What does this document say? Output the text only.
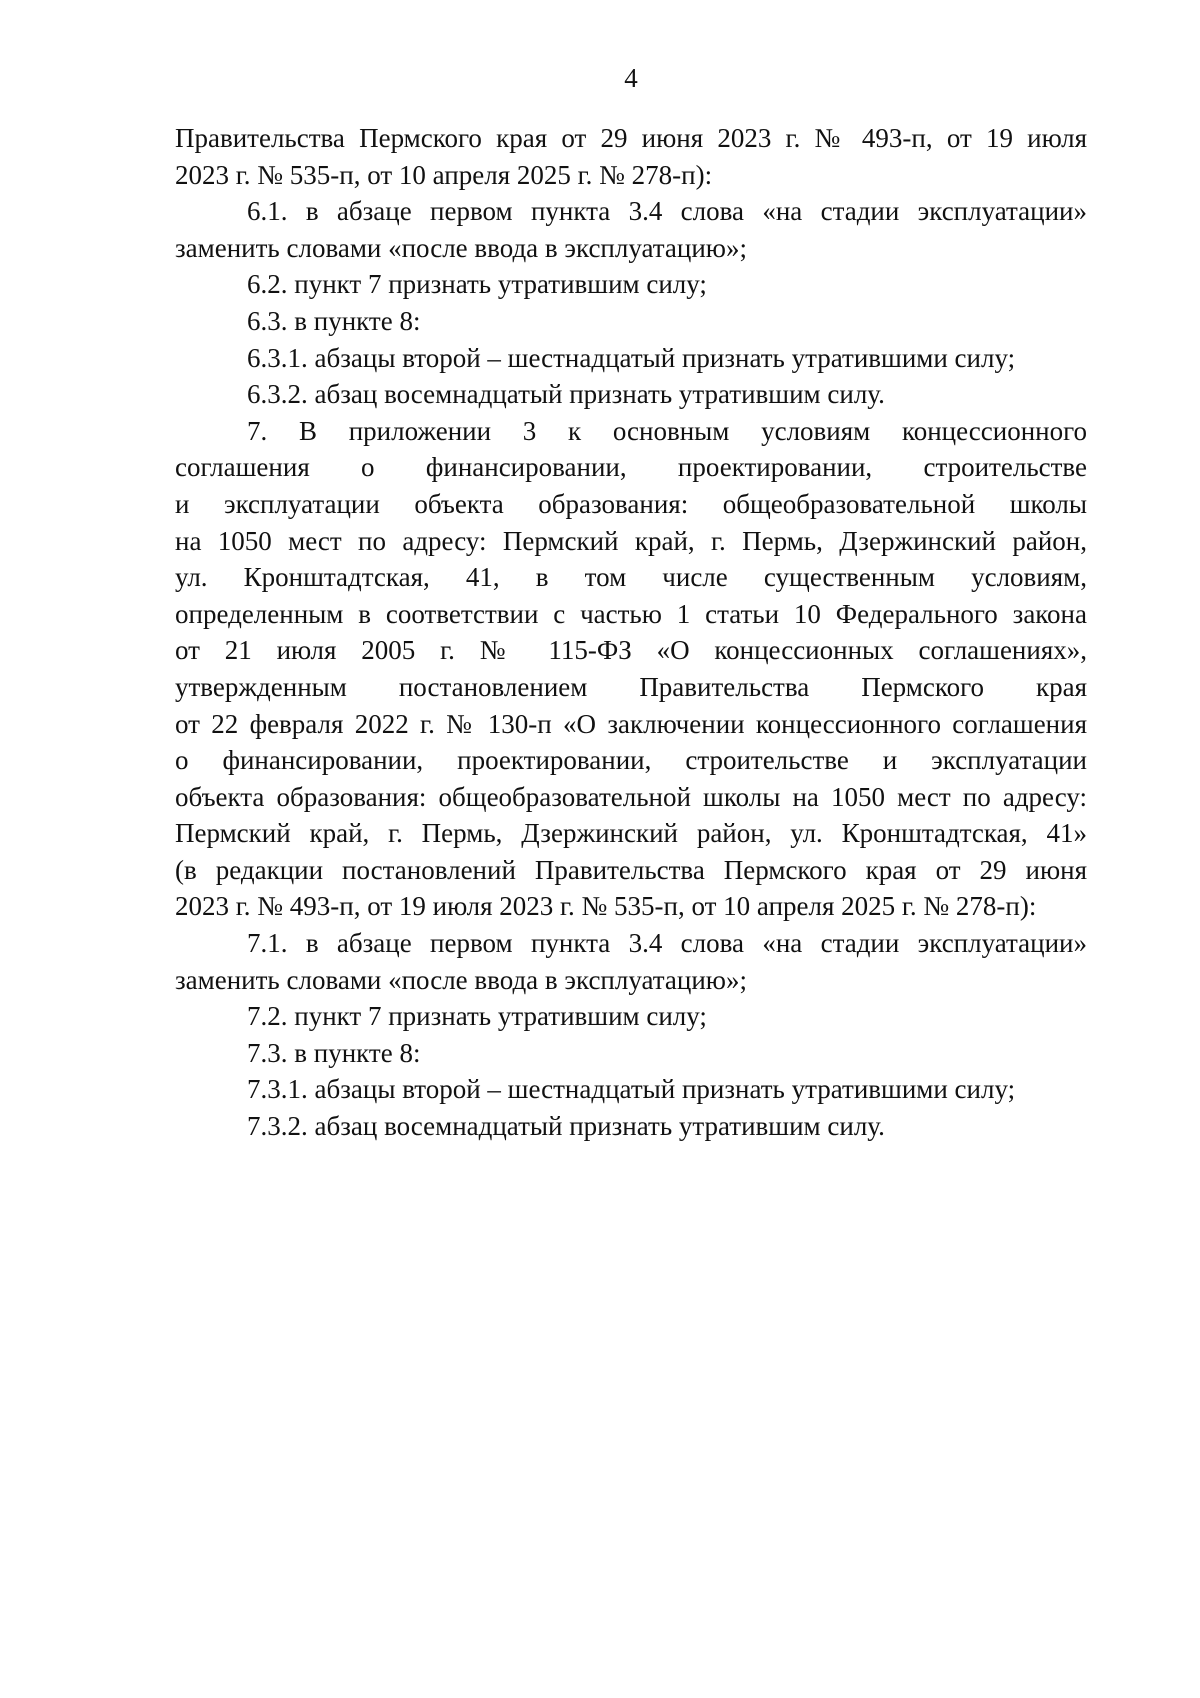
4
Правительства Пермского края от 29 июня 2023 г. № 493-п, от 19 июля
2023 г. № 535-п, от 10 апреля 2025 г. № 278-п):
6.1. в абзаце первом пункта 3.4 слова «на стадии эксплуатации»
заменить словами «после ввода в эксплуатацию»;
6.2. пункт 7 признать утратившим силу;
6.3. в пункте 8:
6.3.1. абзацы второй – шестнадцатый признать утратившими силу;
6.3.2. абзац восемнадцатый признать утратившим силу.
7. В приложении 3 к основным условиям концессионного
соглашения о финансировании, проектировании, строительстве
и эксплуатации объекта образования: общеобразовательной школы
на 1050 мест по адресу: Пермский край, г. Пермь, Дзержинский район,
ул. Кронштадтская, 41, в том числе существенным условиям,
определенным в соответствии с частью 1 статьи 10 Федерального закона
от 21 июля 2005 г. № 115-ФЗ «О концессионных соглашениях»,
утвержденным постановлением Правительства Пермского края
от 22 февраля 2022 г. № 130-п «О заключении концессионного соглашения
о финансировании, проектировании, строительстве и эксплуатации
объекта образования: общеобразовательной школы на 1050 мест по адресу:
Пермский край, г. Пермь, Дзержинский район, ул. Кронштадтская, 41»
(в редакции постановлений Правительства Пермского края от 29 июня
2023 г. № 493-п, от 19 июля 2023 г. № 535-п, от 10 апреля 2025 г. № 278-п):
7.1. в абзаце первом пункта 3.4 слова «на стадии эксплуатации»
заменить словами «после ввода в эксплуатацию»;
7.2. пункт 7 признать утратившим силу;
7.3. в пункте 8:
7.3.1. абзацы второй – шестнадцатый признать утратившими силу;
7.3.2. абзац восемнадцатый признать утратившим силу.
